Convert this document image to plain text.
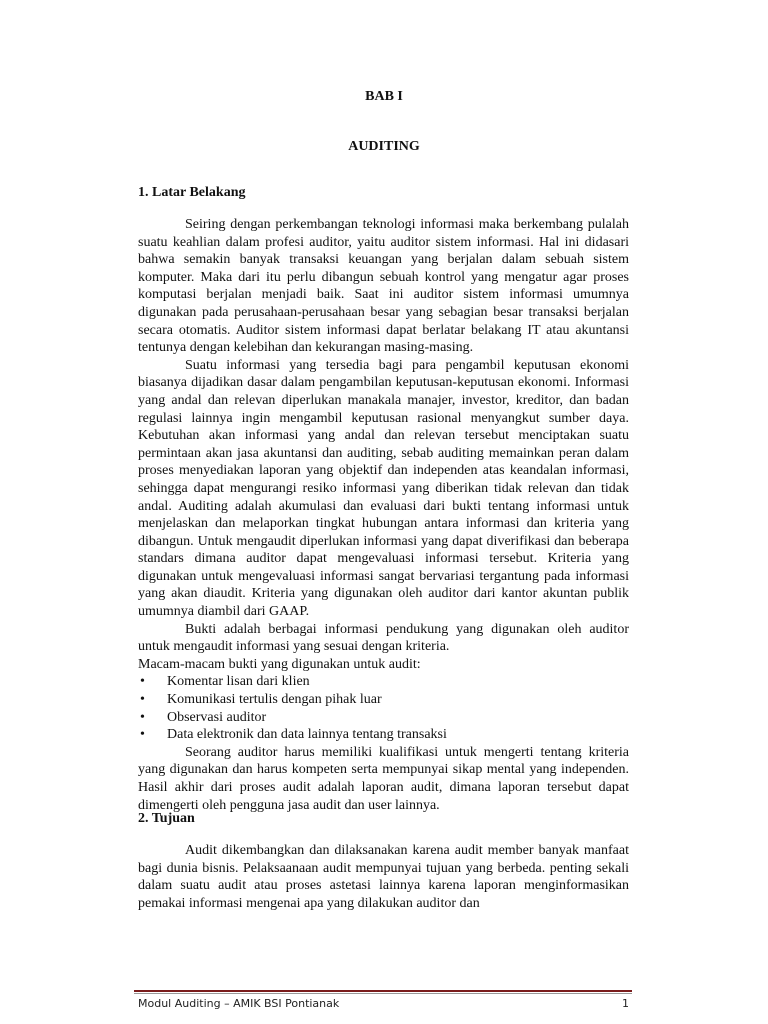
BAB I
AUDITING
1. Latar Belakang

Seiring dengan perkembangan teknologi informasi maka berkembang pulalah suatu keahlian dalam profesi auditor, yaitu auditor sistem informasi. Hal ini didasari bahwa semakin banyak transaksi keuangan yang berjalan dalam sebuah sistem komputer. Maka dari itu perlu dibangun sebuah kontrol yang mengatur agar proses komputasi berjalan menjadi baik. Saat ini auditor sistem informasi umumnya digunakan pada perusahaan-perusahaan besar yang sebagian besar transaksi berjalan secara otomatis. Auditor sistem informasi dapat berlatar belakang IT atau akuntansi tentunya dengan kelebihan dan kekurangan masing-masing.

Suatu informasi yang tersedia bagi para pengambil keputusan ekonomi biasanya dijadikan dasar dalam pengambilan keputusan-keputusan ekonomi. Informasi yang andal dan relevan diperlukan manakala manajer, investor, kreditor, dan badan regulasi lainnya ingin mengambil keputusan rasional menyangkut sumber daya. Kebutuhan akan informasi yang andal dan relevan tersebut menciptakan suatu permintaan akan jasa akuntansi dan auditing, sebab auditing memainkan peran dalam proses menyediakan laporan yang objektif dan independen atas keandalan informasi, sehingga dapat mengurangi resiko informasi yang diberikan tidak relevan dan tidak andal. Auditing adalah akumulasi dan evaluasi dari bukti tentang informasi untuk menjelaskan dan melaporkan tingkat hubungan antara informasi dan kriteria yang dibangun. Untuk mengaudit diperlukan informasi yang dapat diverifikasi dan beberapa standars dimana auditor dapat mengevaluasi informasi tersebut. Kriteria yang digunakan untuk mengevaluasi informasi sangat bervariasi tergantung pada informasi yang akan diaudit. Kriteria yang digunakan oleh auditor dari kantor akuntan publik umumnya diambil dari GAAP.

Bukti adalah berbagai informasi pendukung yang digunakan oleh auditor untuk mengaudit informasi yang sesuai dengan kriteria.

Macam-macam bukti yang digunakan untuk audit:

• Komentar lisan dari klien
• Komunikasi tertulis dengan pihak luar
• Observasi auditor
• Data elektronik dan data lainnya tentang transaksi

Seorang auditor harus memiliki kualifikasi untuk mengerti tentang kriteria yang digunakan dan harus kompeten serta mempunyai sikap mental yang independen. Hasil akhir dari proses audit adalah laporan audit, dimana laporan tersebut dapat dimengerti oleh pengguna jasa audit dan user lainnya.

2. Tujuan

Audit dikembangkan dan dilaksanakan karena audit member banyak manfaat bagi dunia bisnis. Pelaksaanaan audit mempunyai tujuan yang berbeda. penting sekali dalam suatu audit atau proses astetasi lainnya karena laporan menginformasikan pemakai informasi mengenai apa yang dilakukan auditor dan

Modul Auditing – AMIK BSI Pontianak	1
